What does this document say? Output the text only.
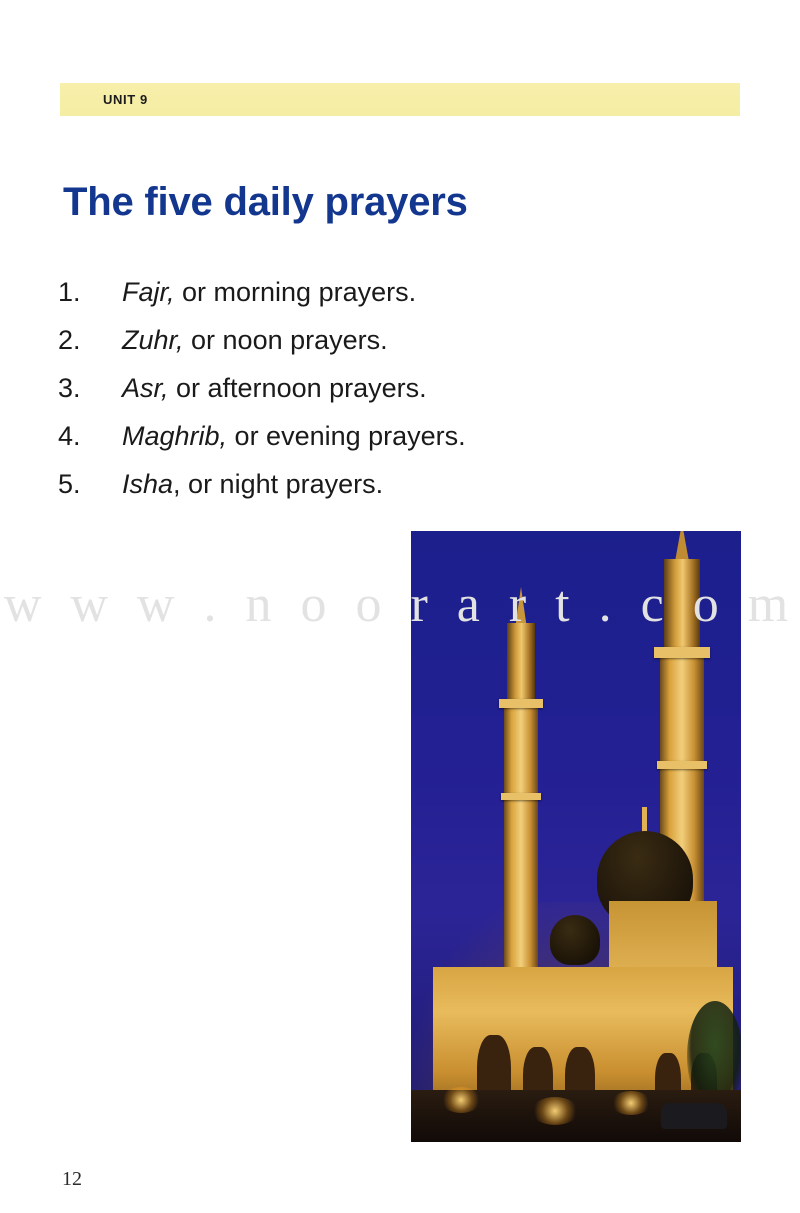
UNIT 9
The five daily prayers
1.	Fajr, or morning prayers.
2.	Zuhr, or noon prayers.
3.	Asr, or afternoon prayers.
4.	Maghrib, or evening prayers.
5.	Isha, or night prayers.
w w w . n o o r a r t . c o m
12
